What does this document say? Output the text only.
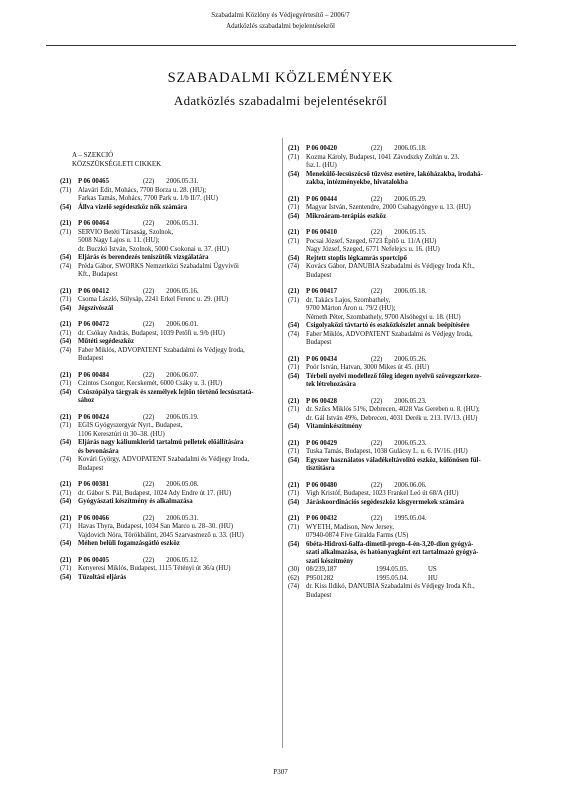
Szabadalmi Közlöny és Védjegyértesítő – 2006/7
Adatközlés szabadalmi bejelentésekről
SZABADALMI KÖZLEMÉNYEK
Adatközlés szabadalmi bejelentésekről
A – SZEKCIÓ
KÖZSZÜKSÉGLETI CIKKEK
(21) P 06 00465	(22) 2006.05.31.
(71) Alavári Edit, Mohács, 7700 Borza u. 28. (HU);
Farkas Tamás, Mohács, 7700 Park u. 1/b II/7. (HU)
(54) Állva vizelő segédeszköz nők számára
(21) P 06 00464	(22) 2006.05.31.
(71) SERVIO Betéti Társaság, Szolnok,
5008 Nagy Lajos u. 11. (HU);
dr. Buczkó István, Szolnok, 5000 Csokonai u. 37. (HU)
(54) Eljárás és berendezés teniszütők vizsgálatára
(74) Préda Gábor, SWORKS Nemzetközi Szabadalmi Ügyvivői
Kft., Budapest
(21) P 06 00412	(22) 2006.05.16.
(71) Csoma László, Sülysáp, 2241 Erkel Ferenc u. 29. (HU)
(54) Jégszívószál
(21) P 06 00472	(22) 2006.06.01.
(71) dr. Csókay András, Budapest, 1039 Petőfi u. 9/b (HU)
(54) Műtéti segédeszköz
(74) Faber Miklós, ADVOPATENT Szabadalmi és Védjegy Iroda,
Budapest
(21) P 06 00484	(22) 2006.06.07.
(71) Czintos Csongor, Kecskemét, 6000 Csáky u. 3. (HU)
(54) Csúszópálya tárgyak és személyek lejtőn történő lecsúsztatá-
sához
(21) P 06 00424	(22) 2006.05.19.
(71) EGIS Gyógyszergyár Nyrt., Budapest,
1106 Keresztúri út 30–38. (HU)
(54) Eljárás nagy káliumklorid tartalmú pelletek előállítására
és bevonására
(74) Kovári György, ADVOPATENT Szabadalmi és Védjegy Iroda,
Budapest
(21) P 06 00381	(22) 2006.05.08.
(71) dr. Gábor S. Pál, Budapest, 1024 Ady Endre út 17. (HU)
(54) Gyógyászati készítmény és alkalmazása
(21) P 06 00466	(22) 2006.05.31.
(71) Havas Thyra, Budapest, 1034 San Marco u. 28–30. (HU)
Vajdovich Nóra, Törökbálint, 2045 Szarvasmező u. 33. (HU)
(54) Méhen belüli fogamzásgátló eszköz
(21) P 06 00405	(22) 2006.05.12.
(71) Kenyeresi Miklós, Budapest, 1115 Tétényi út 36/a (HU)
(54) Tűzoltási eljárás
(21) P 06 00420	(22) 2006.05.18.
(71) Kozma Károly, Budapest, 1041 Závodszky Zoltán u. 23.
fsz.1. (HU)
(54) Menekülő-lecsúszócső tűzvész esetére, lakóházakba, irodahá-
zakba, intézményekbe, hivatalokba
(21) P 06 00444	(22) 2006.05.29.
(71) Magyar István, Szentendre, 2000 Csabagyöngye u. 13. (HU)
(54) Mikroáram-terápiás eszköz
(21) P 06 00410	(22) 2006.05.15.
(71) Pocsai József, Szeged, 6723 Építő u. 11/A (HU)
Nagy József, Szeged, 6771 Nefelejcs u. 16. (HU)
(54) Rejtett stoplis légkamrás sportcipő
(74) Kovács Gábor, DANUBIA Szabadalmi és Védjegy Iroda Kft.,
Budapest
(21) P 06 00417	(22) 2006.05.18.
(71) dr. Takács Lajos, Szombathely,
9700 Márton Áron u. 79/2 (HU);
Németh Péter, Szombathely, 9700 Alsóhegyi u. 18. (HU)
(54) Csigolyaközi távtartó és eszközkészlet annak beépítésére
(74) Faber Miklós, ADVOPATENT Szabadalmi és Védjegy Iroda,
Budapest
(21) P 06 00434	(22) 2006.05.26.
(71) Poór István, Hatvan, 3000 Mikes út 45. (HU)
(54) Térbeli nyelvi modellező főleg idegen nyelvű szövegszerkeze-
tek létrehozására
(21) P 06 00428	(22) 2006.05.23.
(71) dr. Szűcs Miklós 51%, Debrecen, 4028 Vas Gereben u. 8. (HU);
dr. Gál István 49%, Debrecen, 4031 Derék u. 213. IV/13. (HU)
(54) Vitaminkészítmény
(21) P 06 00429	(22) 2006.05.23.
(71) Tuska Tamás, Budapest, 1038 Gulácsy L. u. 6. IV/16. (HU)
(54) Egyszer használatos váladékeltávolító eszköz, különösen fül-
tisztításra
(21) P 06 00480	(22) 2006.06.06.
(71) Vigh Kristóf, Budapest, 1023 Frankel Leó út 68/A (HU)
(54) Járáskoordinációs segédeszköz kisgyermekek számára
(21) P 06 00432	(22) 1995.05.04.
(71) WYETH, Madison, New Jersey,
07940-0874 Five Giralda Farms (US)
(54) 6béta-Hidroxi-6alfa-dimetil-pregn-4-én-3,20-dion gyógyá-
szati alkalmazása, és hatóanyagként ezt tartalmazó gyógyá-
szati készítmény
(30) 08/239,187	1994.05.05.	US
(62) P9501282	1995.05.04.	HU
(74) dr. Kiss Ildikó, DANUBIA Szabadalmi és Védjegy Iroda Kft.,
Budapest
P307
